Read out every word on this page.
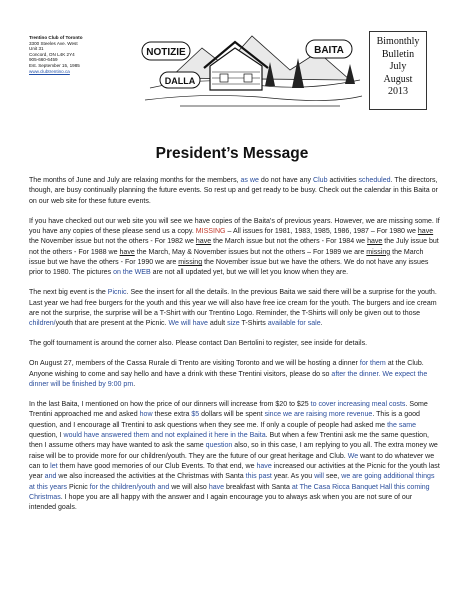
Trentino Club of Toronto
3300 Steeles Ave. West
Unit 31
Concord, ON L4K 2Y4
905-660-6459
Est. September 15, 1985
www.clubtrentino.ca
NOTIZIE
DALLA
BAITA
Bimonthly
Bulletin
July
August
2013
President’s Message

The months of June and July are relaxing months for the members, as we do not have any Club activities scheduled. The directors, though, are busy continually planning the future events. So rest up and get ready to be busy. Check out the calendar in this Baita or on our web site for these future events.

If you have checked out our web site you will see we have copies of the Baita’s of previous years. However, we are missing some. If you have any copies of these please send us a copy. MISSING – All issues for 1981, 1983, 1985, 1986, 1987 – For 1980 we have the November issue but not the others - For 1982 we have the March issue but not the others - For 1984 we have the July issue but not the others - For 1988 we have the March, May & November issues but not the others – For 1989 we are missing the March issue but we have the others - For 1990 we are missing the November issue but we have the others. We do not have any issues prior to 1980. The pictures on the WEB are not all updated yet, but we will let you know when they are.

The next big event is the Picnic. See the insert for all the details. In the previous Baita we said there will be a surprise for the youth. Last year we had free burgers for the youth and this year we will also have free ice cream for the youth. The burgers and ice cream are not the surprise, the surprise will be a T-Shirt with our Trentino Logo. Reminder, the T-Shirts will only be given out to those children/youth that are present at the Picnic. We will have adult size T-Shirts available for sale.

The golf tournament is around the corner also. Please contact Dan Bertolini to register, see inside for details.

On August 27, members of the Cassa Rurale di Trento are visiting Toronto and we will be hosting a dinner for them at the Club. Anyone wishing to come and say hello and have a drink with these Trentini visitors, please do so after the dinner. We expect the dinner will be finished by 9:00 pm.

In the last Baita, I mentioned on how the price of our dinners will increase from $20 to $25 to cover increasing meal costs. Some Trentini approached me and asked how these extra $5 dollars will be spent since we are raising more revenue. This is a good question, and I encourage all Trentini to ask questions when they see me. If only a couple of people had asked me the same question, I would have answered them and not explained it here in the Baita. But when a few Trentini ask me the same question, then I assume others may have wanted to ask the same question also, so in this case, I am replying to you all. The extra money we raise will be to provide more for our children/youth. They are the future of our great heritage and Club. We want to do whatever we can to let them have good memories of our Club Events. To that end, we have increased our activities at the Picnic for the youth last year and we also increased the activities at the Christmas with Santa this past year. As you will see, we are going additional things at this years Picnic for the children/youth and we will also have breakfast with Santa at The Casa Ricca Banquet Hall this coming Christmas. I hope you are all happy with the answer and I again encourage you to always ask when you are not sure of our intended goals.
